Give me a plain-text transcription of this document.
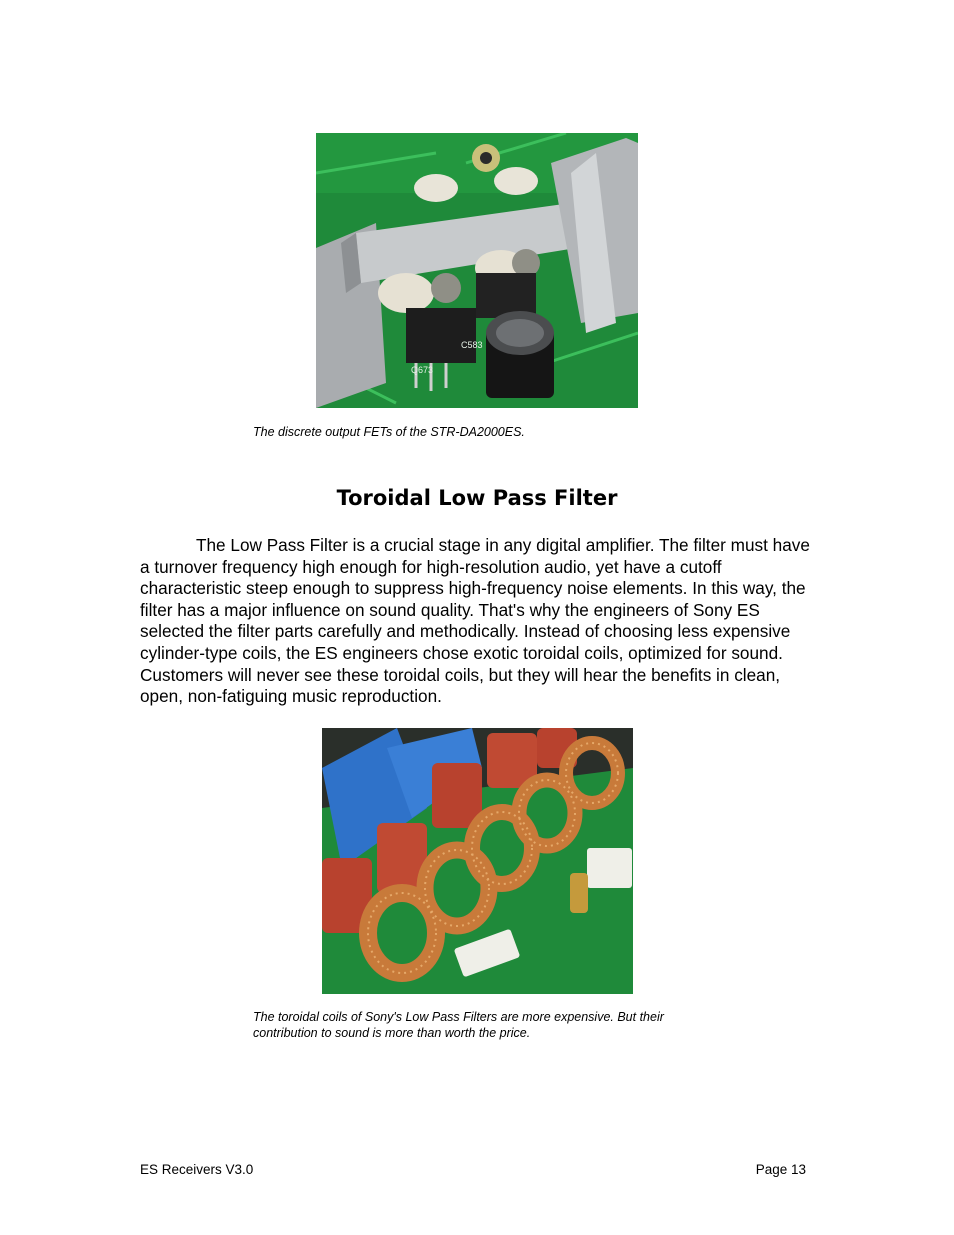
C583
Q673
The discrete output FETs of the STR-DA2000ES.
Toroidal Low Pass Filter

The Low Pass Filter is a crucial stage in any digital amplifier. The filter must have a turnover frequency high enough for high-resolution audio, yet have a cutoff characteristic steep enough to suppress high-frequency noise elements. In this way, the filter has a major influence on sound quality. That's why the engineers of Sony ES selected the filter parts carefully and methodically. Instead of choosing less expensive cylinder-type coils, the ES engineers chose exotic toroidal coils, optimized for sound. Customers will never see these toroidal coils, but they will hear the benefits in clean, open, non-fatiguing music reproduction.

The toroidal coils of Sony's Low Pass Filters are more expensive. But their contribution to sound is more than worth the price.
ES Receivers V3.0	Page 13
